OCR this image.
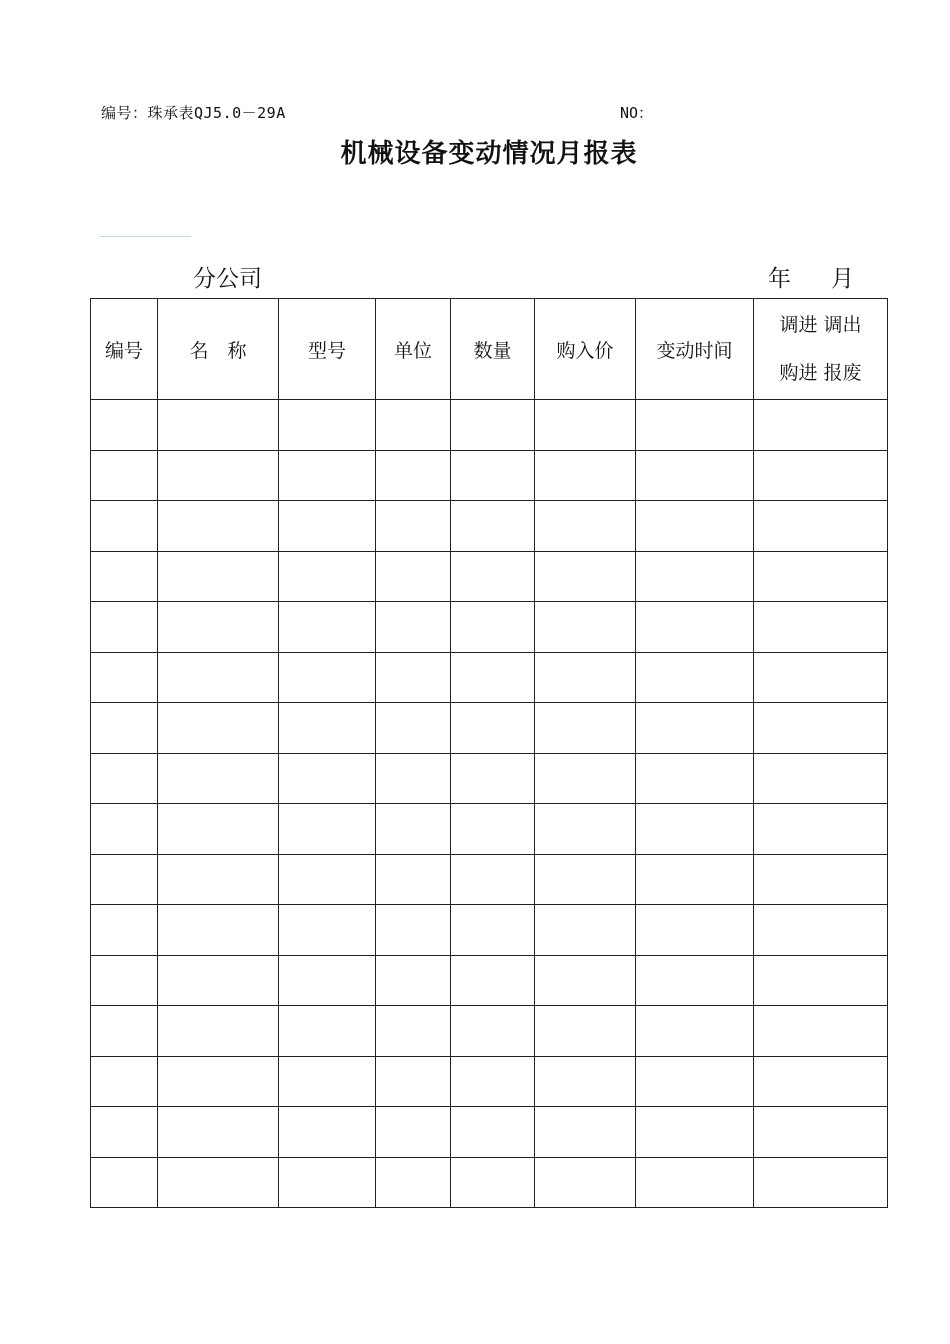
编号：珠承表QJ5.0－29A	NO：
机械设备变动情况月报表
分公司	年 月
编号	名　称	型号	单位	数量	购入价	变动时间	调进 调出
购进 报废
